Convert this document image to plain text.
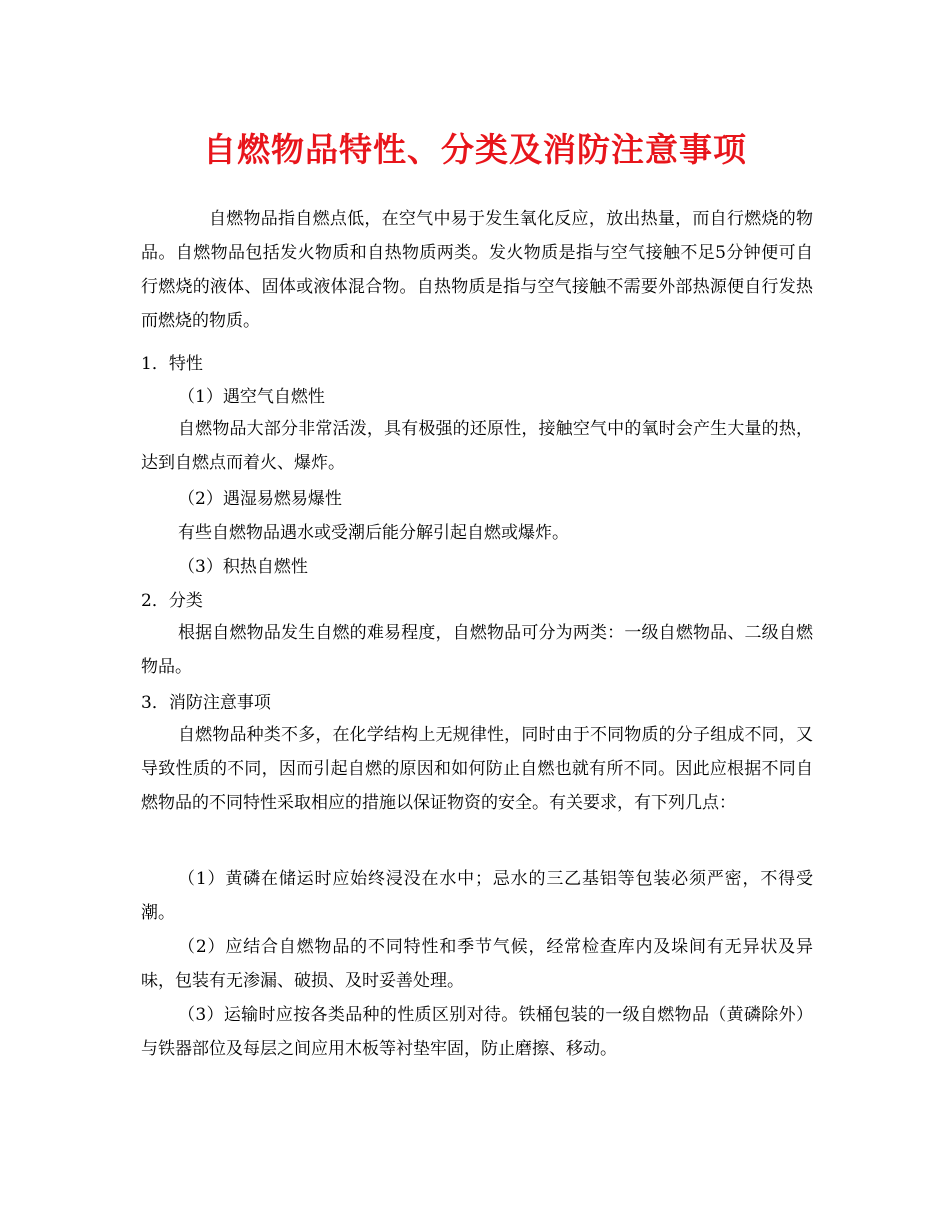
自燃物品特性、分类及消防注意事项
自燃物品指自燃点低，在空气中易于发生氧化反应，放出热量，而自行燃烧的物品。自燃物品包括发火物质和自热物质两类。发火物质是指与空气接触不足5分钟便可自行燃烧的液体、固体或液体混合物。自热物质是指与空气接触不需要外部热源便自行发热而燃烧的物质。
1．特性
（1）遇空气自燃性
自燃物品大部分非常活泼，具有极强的还原性，接触空气中的氧时会产生大量的热，达到自燃点而着火、爆炸。
（2）遇湿易燃易爆性
有些自燃物品遇水或受潮后能分解引起自燃或爆炸。
（3）积热自燃性
2．分类
根据自燃物品发生自燃的难易程度，自燃物品可分为两类：一级自燃物品、二级自燃物品。
3．消防注意事项
自燃物品种类不多，在化学结构上无规律性，同时由于不同物质的分子组成不同，又导致性质的不同，因而引起自燃的原因和如何防止自燃也就有所不同。因此应根据不同自燃物品的不同特性采取相应的措施以保证物资的安全。有关要求，有下列几点：
（1）黄磷在储运时应始终浸没在水中；忌水的三乙基铝等包装必须严密，不得受潮。
（2）应结合自燃物品的不同特性和季节气候，经常检查库内及垛间有无异状及异味，包装有无渗漏、破损、及时妥善处理。
（3）运输时应按各类品种的性质区别对待。铁桶包装的一级自燃物品（黄磷除外）与铁器部位及每层之间应用木板等衬垫牢固，防止磨擦、移动。
